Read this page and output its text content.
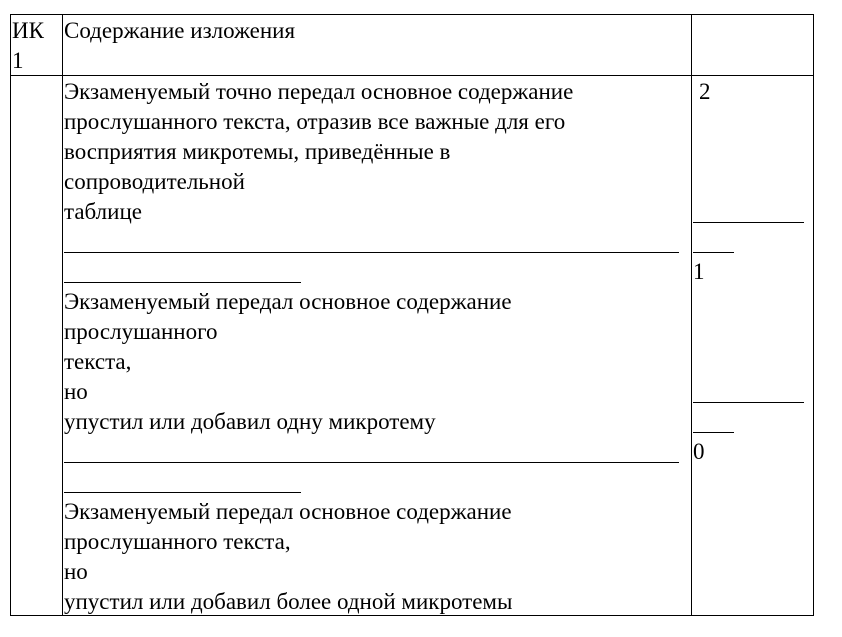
ИК
1
Содержание изложения
Экзаменуемый точно передал основное содержание
прослушанного текста, отразив все важные для его
восприятия микротемы, приведённые в
сопроводительной
таблице
2
1
Экзаменуемый передал основное содержание
прослушанного
текста,
но
упустил или добавил одну микротему
0
Экзаменуемый передал основное содержание
прослушанного текста,
но
упустил или добавил более одной микротемы
